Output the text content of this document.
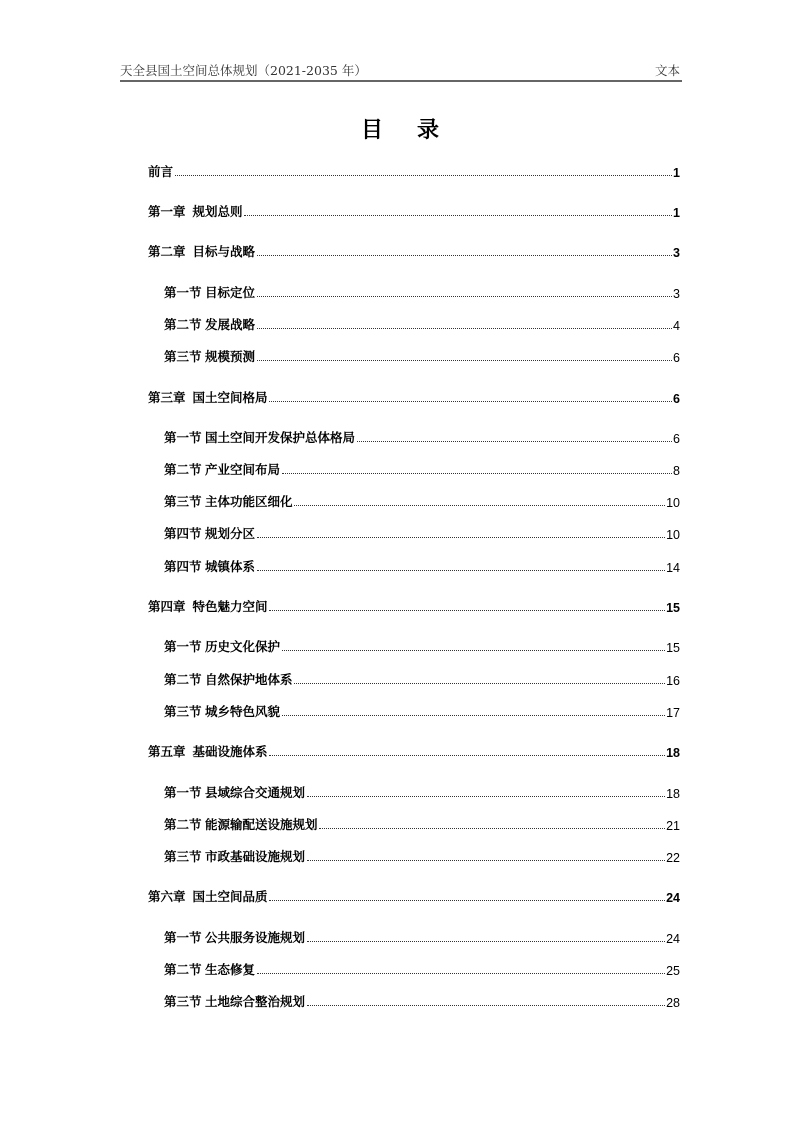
天全县国土空间总体规划（2021-2035 年）	文本
目 录
前言	1
第一章  规划总则	1
第二章  目标与战略	3
第一节 目标定位	3
第二节 发展战略	4
第三节 规模预测	6
第三章  国土空间格局	6
第一节 国土空间开发保护总体格局	6
第二节 产业空间布局	8
第三节 主体功能区细化	10
第四节 规划分区	10
第四节 城镇体系	14
第四章  特色魅力空间	15
第一节 历史文化保护	15
第二节 自然保护地体系	16
第三节 城乡特色风貌	17
第五章  基础设施体系	18
第一节 县域综合交通规划	18
第二节 能源输配送设施规划	21
第三节 市政基础设施规划	22
第六章  国土空间品质	24
第一节 公共服务设施规划	24
第二节 生态修复	25
第三节 土地综合整治规划	28
